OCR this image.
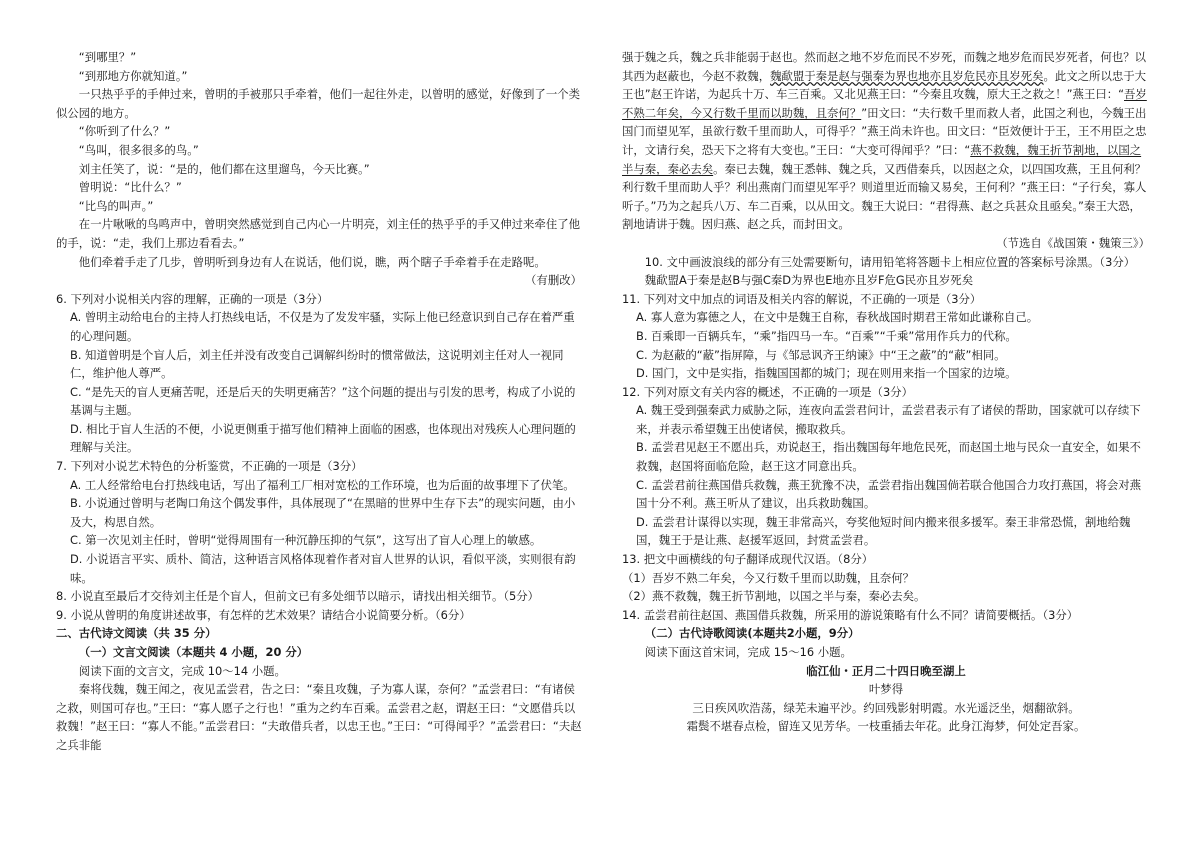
“到哪里？”

“到那地方你就知道。”

一只热乎乎的手伸过来，曾明的手被那只手牵着，他们一起往外走，以曾明的感觉，好像到了一个类似公园的地方。

“你听到了什么？”

“鸟叫，很多很多的鸟。”

刘主任笑了，说：“是的，他们都在这里遛鸟，今天比赛。”

曾明说：“比什么？”

“比鸟的叫声。”

在一片啾啾的鸟鸣声中，曾明突然感觉到自己内心一片明亮，刘主任的热乎乎的手又伸过来牵住了他的手，说：“走，我们上那边看看去。”

他们牵着手走了几步，曾明听到身边有人在说话，他们说，瞧，两个瞎子手牵着手在走路呢。

（有删改）

6. 下列对小说相关内容的理解，正确的一项是（3分）

A. 曾明主动给电台的主持人打热线电话，不仅是为了发发牢骚，实际上他已经意识到自己存在着严重的心理问题。

B. 知道曾明是个盲人后，刘主任并没有改变自己调解纠纷时的惯常做法，这说明刘主任对人一视同仁，维护他人尊严。

C. “是先天的盲人更痛苦呢，还是后天的失明更痛苦？”这个问题的提出与引发的思考，构成了小说的基调与主题。

D. 相比于盲人生活的不便，小说更侧重于描写他们精神上面临的困惑，也体现出对残疾人心理问题的理解与关注。

7. 下列对小说艺术特色的分析鉴赏，不正确的一项是（3分）

A. 工人经常给电台打热线电话，写出了福利工厂相对宽松的工作环境，也为后面的故事埋下了伏笔。

B. 小说通过曾明与老陶口角这个偶发事件，具体展现了“在黑暗的世界中生存下去”的现实问题，由小及大，构思自然。

C. 第一次见刘主任时，曾明“觉得周围有一种沉静压抑的气氛”，这写出了盲人心理上的敏感。

D. 小说语言平实、质朴、简洁，这种语言风格体现着作者对盲人世界的认识，看似平淡，实则很有韵味。

8. 小说直至最后才交待刘主任是个盲人，但前文已有多处细节以暗示，请找出相关细节。（5分）

9. 小说从曾明的角度讲述故事，有怎样的艺术效果？请结合小说简要分析。（6分）

二、古代诗文阅读（共 35 分）

（一）文言文阅读（本题共 4 小题，20 分）

阅读下面的文言文，完成 10～14 小题。

秦将伐魏，魏王闻之，夜见孟尝君，告之曰：“秦且攻魏，子为寡人谋，奈何？”孟尝君曰：“有诸侯之救，则国可存也。”王曰：“寡人愿子之行也！”重为之约车百乘。孟尝君之赵，谓赵王曰：“文愿借兵以救魏！”赵王曰：“寡人不能。”孟尝君曰：“夫敢借兵者，以忠王也。”王曰：“可得闻乎？”孟尝君曰：“夫赵之兵非能

强于魏之兵，魏之兵非能弱于赵也。然而赵之地不岁危而民不岁死，而魏之地岁危而民岁死者，何也？以其西为赵蔽也，今赵不救魏，魏歃盟于秦是赵与强秦为界也地亦且岁危民亦且岁死矣。此文之所以忠于大王也”赵王许诺，为起兵十万、车三百乘。又北见燕王曰：“今秦且攻魏，原大王之救之！”燕王曰：“吾岁不熟二年矣，今又行数千里而以助魏，且奈何？”田文曰：“夫行数千里而救人者，此国之利也，今魏王出国门而望见军，虽欲行数千里而助人，可得乎？”燕王尚未许也。田文曰：“臣效便计于王，王不用臣之忠计，文请行矣，恐天下之将有大变也。”王曰：“大变可得闻乎？”曰：“燕不救魏，魏王折节割地，以国之半与秦，秦必去矣。秦已去魏，魏王悉韩、魏之兵，又西借秦兵，以因赵之众，以四国攻燕，王且何利？利行数千里而助人乎？利出燕南门而望见军乎？则道里近而输又易矣，王何利？”燕王曰：“子行矣，寡人听子。”乃为之起兵八万、车二百乘，以从田文。魏王大说曰：“君得燕、赵之兵甚众且亟矣。”秦王大恐，割地请讲于魏。因归燕、赵之兵，而封田文。

（节选自《战国策・魏策三》）

10. 文中画波浪线的部分有三处需要断句，请用铅笔将答题卡上相应位置的答案标号涂黑。（3分）

魏歃盟A于秦是赵B与强C秦D为界也E地亦且岁F危G民亦且岁死矣

11. 下列对文中加点的词语及相关内容的解说，不正确的一项是（3分）

A. 寡人意为寡德之人，在文中是魏王自称，春秋战国时期君王常如此谦称自己。

B. 百乘即一百辆兵车，“乘”指四马一车。“百乘”“千乘”常用作兵力的代称。

C. 为赵蔽的“蔽”指屏障，与《邹忌讽齐王纳谏》中“王之蔽”的“蔽”相同。

D. 国门，文中是实指，指魏国国都的城门；现在则用来指一个国家的边境。

12. 下列对原文有关内容的概述，不正确的一项是（3分）

A. 魏王受到强秦武力威胁之际，连夜向孟尝君问计，孟尝君表示有了诸侯的帮助，国家就可以存续下来，并表示希望魏王出使诸侯，搬取救兵。

B. 孟尝君见赵王不愿出兵，劝说赵王，指出魏国每年地危民死，而赵国土地与民众一直安全，如果不救魏，赵国将面临危险，赵王这才同意出兵。

C. 孟尝君前往燕国借兵救魏，燕王犹豫不决，孟尝君指出魏国倘若联合他国合力攻打燕国，将会对燕国十分不利。燕王听从了建议，出兵救助魏国。

D. 孟尝君计谋得以实现，魏王非常高兴，夸奖他短时间内搬来很多援军。秦王非常恐慌，割地给魏国，魏王于是让燕、赵援军返回，封赏孟尝君。

13. 把文中画横线的句子翻译成现代汉语。（8分）

（1）吾岁不熟二年矣，今又行数千里而以助魏，且奈何？

（2）燕不救魏，魏王折节割地，以国之半与秦，秦必去矣。

14. 孟尝君前往赵国、燕国借兵救魏，所采用的游说策略有什么不同？请简要概括。（3分）

（二）古代诗歌阅读(本题共2小题，9分）

阅读下面这首宋词，完成 15～16 小题。

临江仙・正月二十四日晚至湖上

叶梦得

三日疾风吹浩荡，绿芜未遍平沙。约回残影射明霞。水光遥泛坐，烟翻欲斜。

霜鬓不堪春点检，留连又见芳华。一枝重插去年花。此身江海梦，何处定吾家。
